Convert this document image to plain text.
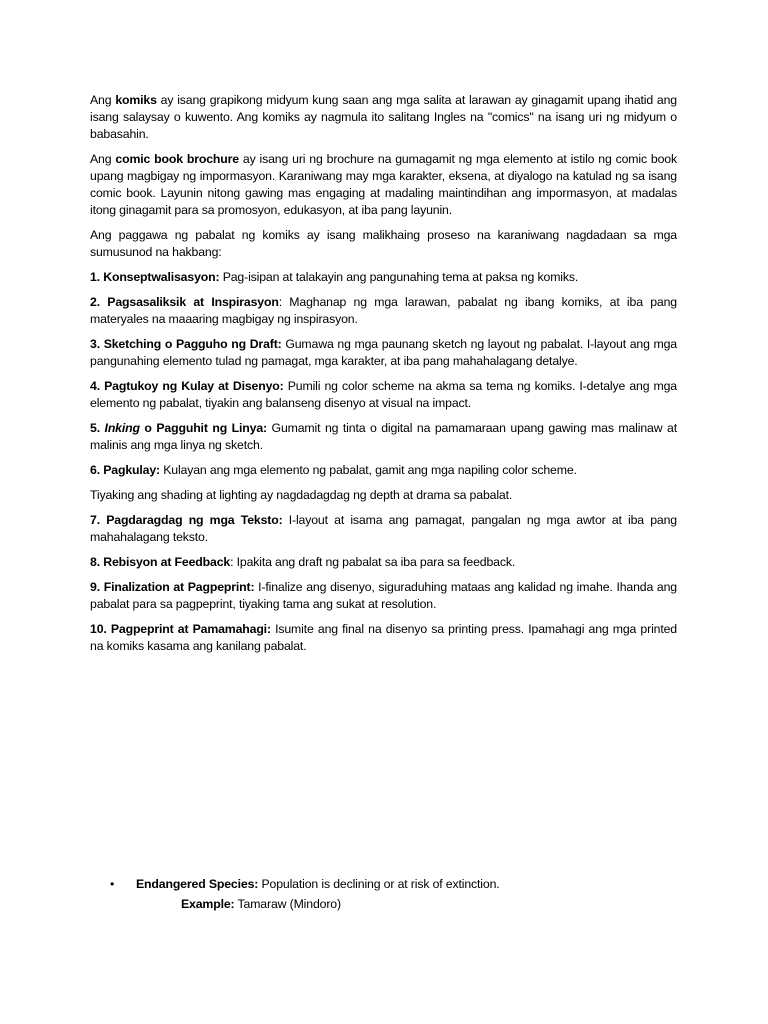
Ang komiks ay isang grapikong midyum kung saan ang mga salita at larawan ay ginagamit upang ihatid ang isang salaysay o kuwento. Ang komiks ay nagmula ito salitang Ingles na "comics" na isang uri ng midyum o babasahin.

Ang comic book brochure ay isang uri ng brochure na gumagamit ng mga elemento at istilo ng comic book upang magbigay ng impormasyon. Karaniwang may mga karakter, eksena, at diyalogo na katulad ng sa isang comic book. Layunin nitong gawing mas engaging at madaling maintindihan ang impormasyon, at madalas itong ginagamit para sa promosyon, edukasyon, at iba pang layunin.

Ang paggawa ng pabalat ng komiks ay isang malikhaing proseso na karaniwang nagdadaan sa mga sumusunod na hakbang:

1. Konseptwalisasyon: Pag-isipan at talakayin ang pangunahing tema at paksa ng komiks.

2. Pagsasaliksik at Inspirasyon: Maghanap ng mga larawan, pabalat ng ibang komiks, at iba pang materyales na maaaring magbigay ng inspirasyon.

3. Sketching o Pagguho ng Draft: Gumawa ng mga paunang sketch ng layout ng pabalat. I-layout ang mga pangunahing elemento tulad ng pamagat, mga karakter, at iba pang mahahalagang detalye.

4. Pagtukoy ng Kulay at Disenyo: Pumili ng color scheme na akma sa tema ng komiks. I-detalye ang mga elemento ng pabalat, tiyakin ang balanseng disenyo at visual na impact.

5. Inking o Pagguhit ng Linya: Gumamit ng tinta o digital na pamamaraan upang gawing mas malinaw at malinis ang mga linya ng sketch.

6. Pagkulay: Kulayan ang mga elemento ng pabalat, gamit ang mga napiling color scheme.

Tiyaking ang shading at lighting ay nagdadagdag ng depth at drama sa pabalat.

7. Pagdaragdag ng mga Teksto: I-layout at isama ang pamagat, pangalan ng mga awtor at iba pang mahahalagang teksto.

8. Rebisyon at Feedback: Ipakita ang draft ng pabalat sa iba para sa feedback.

9. Finalization at Pagpeprint: I-finalize ang disenyo, siguraduhing mataas ang kalidad ng imahe. Ihanda ang pabalat para sa pagpeprint, tiyaking tama ang sukat at resolution.

10. Pagpeprint at Pamamahagi: Isumite ang final na disenyo sa printing press. Ipamahagi ang mga printed na komiks kasama ang kanilang pabalat.

•	Endangered Species: Population is declining or at risk of extinction.
Example: Tamaraw (Mindoro)
